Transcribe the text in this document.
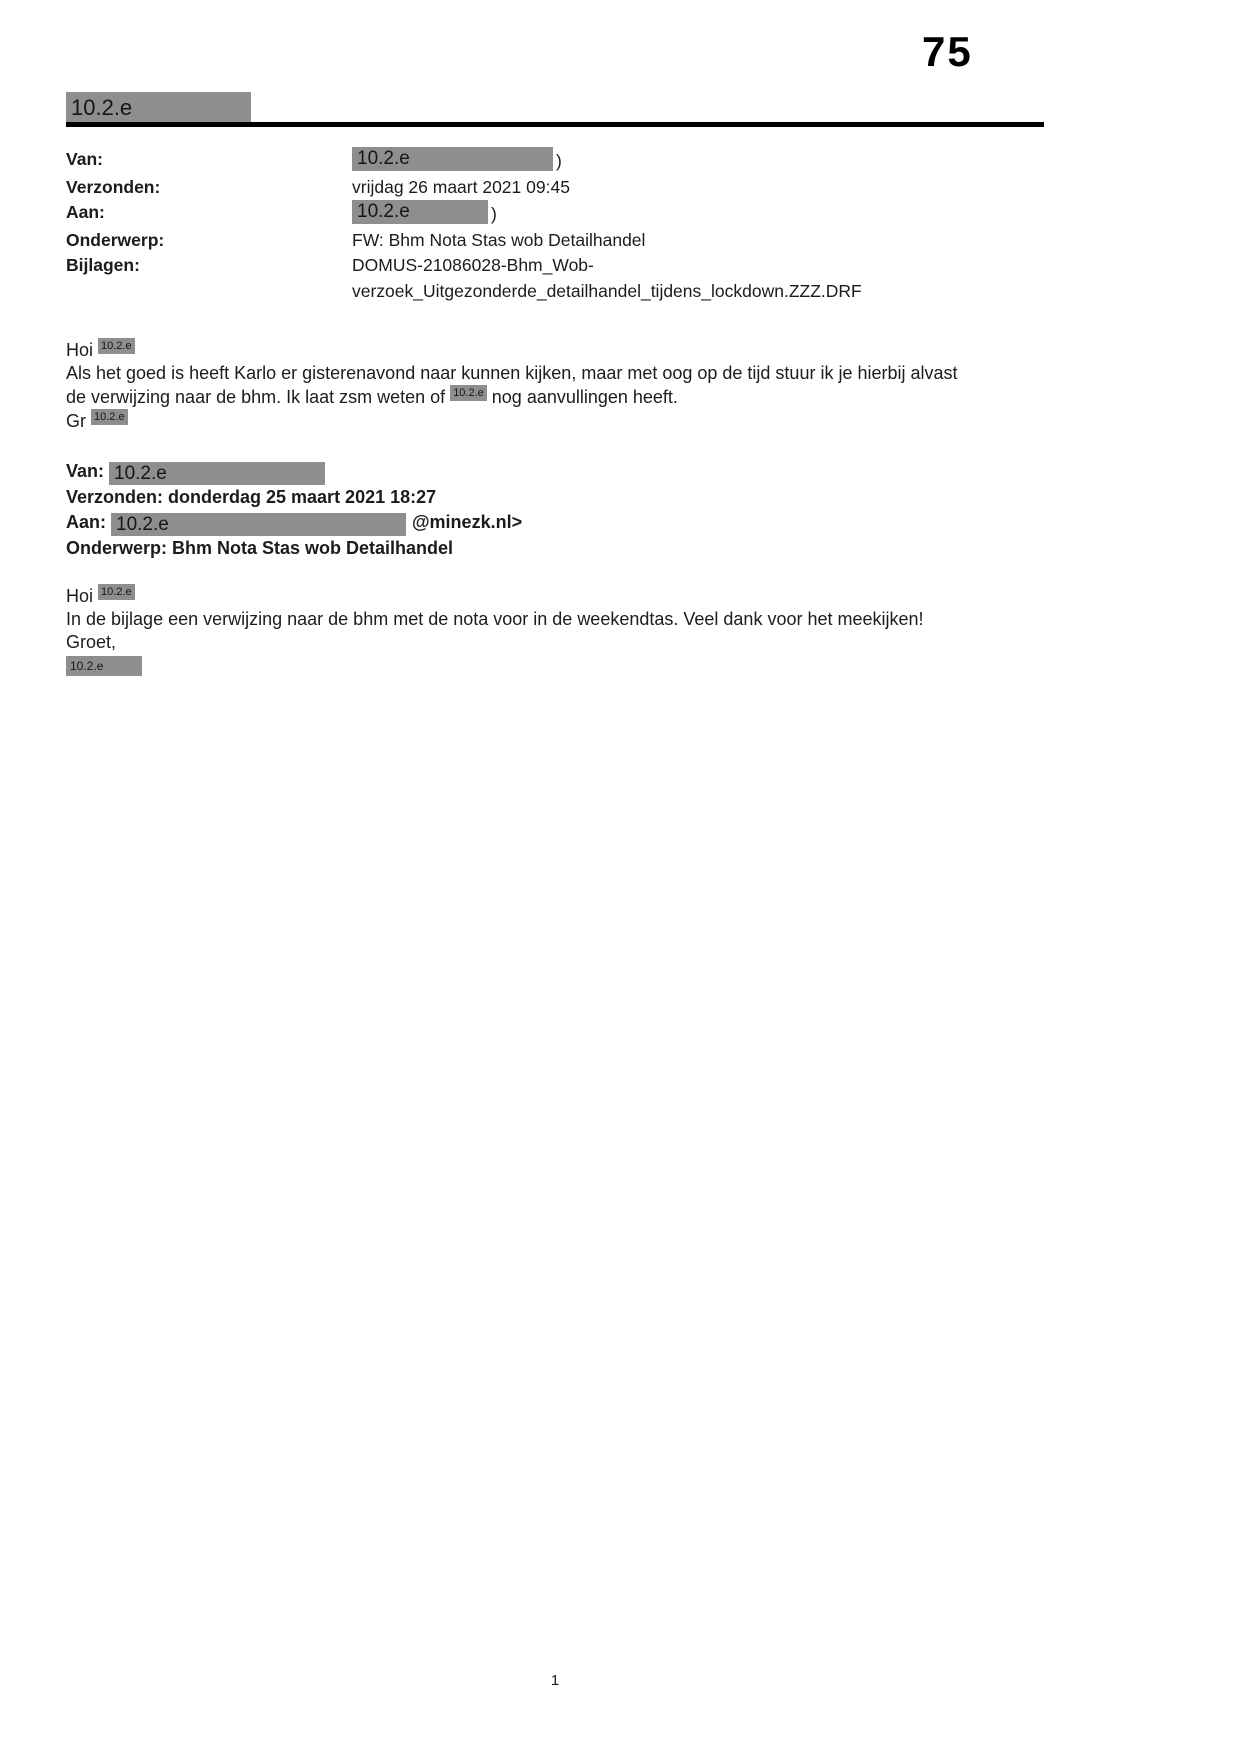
75
10.2.e
Van:	10.2.e	)
Verzonden:	vrijdag 26 maart 2021 09:45
Aan:	10.2.e	)
Onderwerp:	FW: Bhm Nota Stas wob Detailhandel
Bijlagen:	DOMUS-21086028-Bhm_Wob-
verzoek_Uitgezonderde_detailhandel_tijdens_lockdown.ZZZ.DRF
Hoi 10.2.e
Als het goed is heeft Karlo er gisterenavond naar kunnen kijken, maar met oog op de tijd stuur ik je hierbij alvast
de verwijzing naar de bhm. Ik laat zsm weten of 10.2.e nog aanvullingen heeft.
Gr 10.2.e
Van: 10.2.e
Verzonden: donderdag 25 maart 2021 18:27
Aan: 10.2.e	@minezk.nl>
Onderwerp: Bhm Nota Stas wob Detailhandel
Hoi 10.2.e
In de bijlage een verwijzing naar de bhm met de nota voor in de weekendtas. Veel dank voor het meekijken!
Groet,
10.2.e
1
